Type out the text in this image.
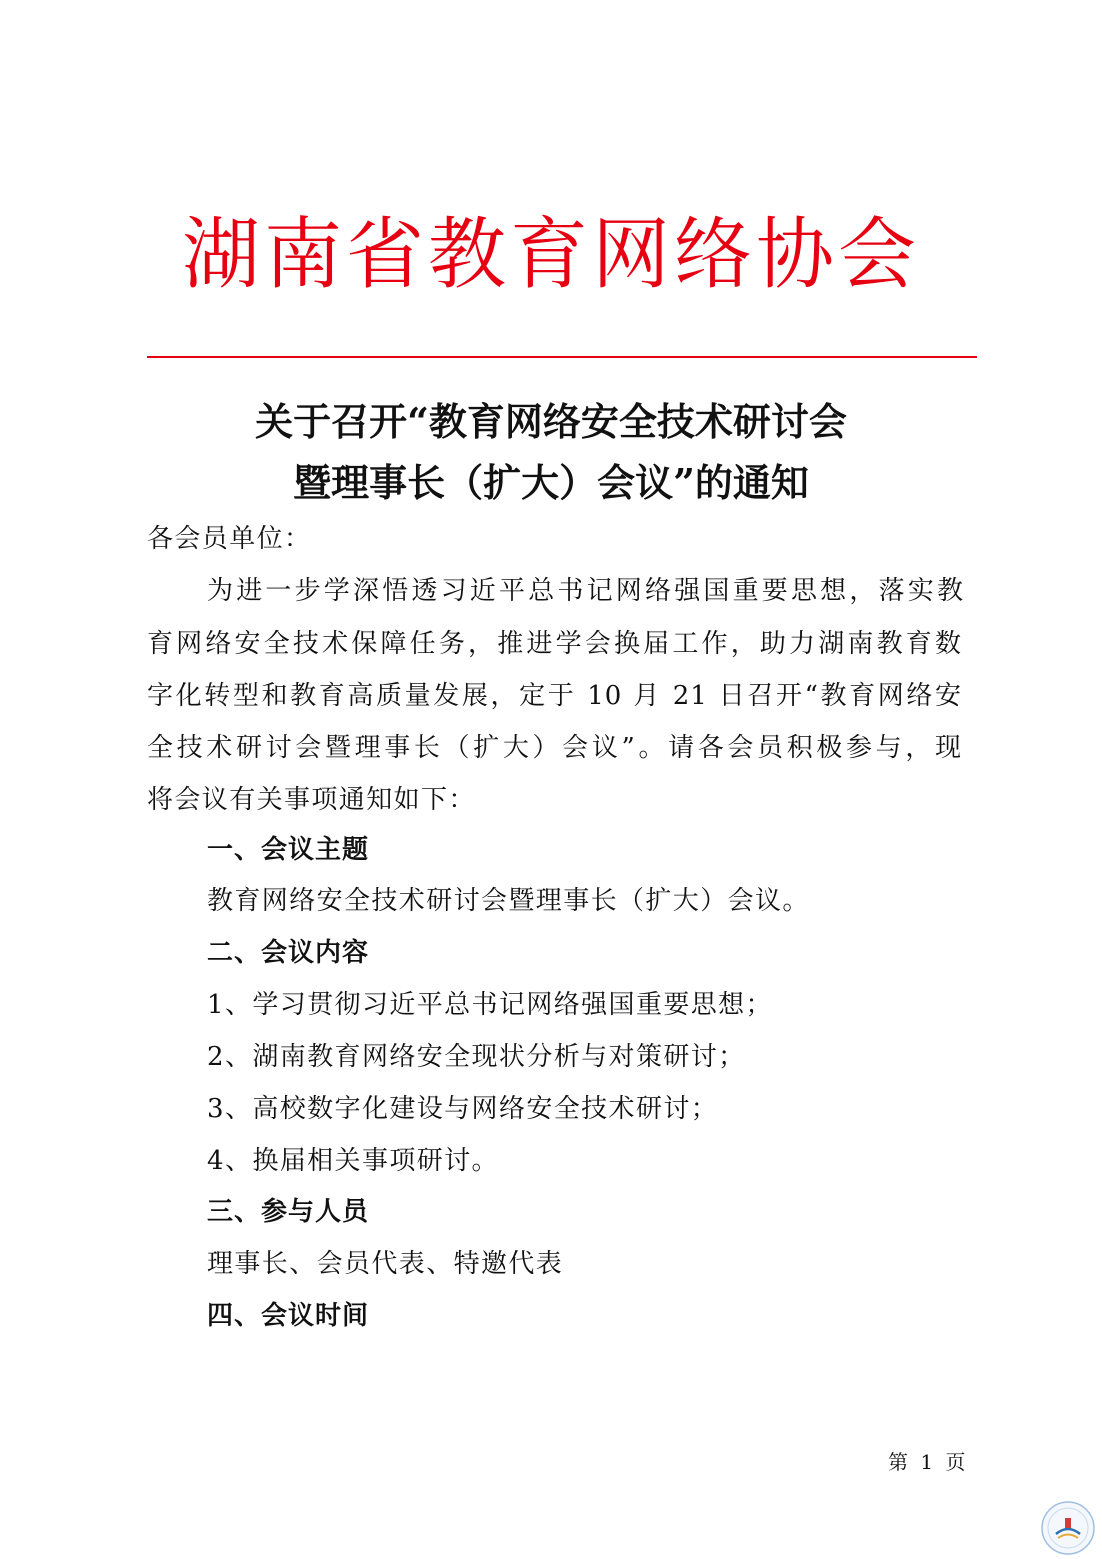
湖南省教育网络协会
关于召开“教育网络安全技术研讨会
暨理事长（扩大）会议”的通知
各会员单位：
为进一步学深悟透习近平总书记网络强国重要思想，落实教
育网络安全技术保障任务，推进学会换届工作，助力湖南教育数
字化转型和教育高质量发展，定于 10 月 21 日召开“教育网络安
全技术研讨会暨理事长（扩大）会议”。请各会员积极参与，现
将会议有关事项通知如下：
一、会议主题
教育网络安全技术研讨会暨理事长（扩大）会议。
二、会议内容
1、学习贯彻习近平总书记网络强国重要思想；
2、湖南教育网络安全现状分析与对策研讨；
3、高校数字化建设与网络安全技术研讨；
4、换届相关事项研讨。
三、参与人员
理事长、会员代表、特邀代表
四、会议时间
第 1 页
